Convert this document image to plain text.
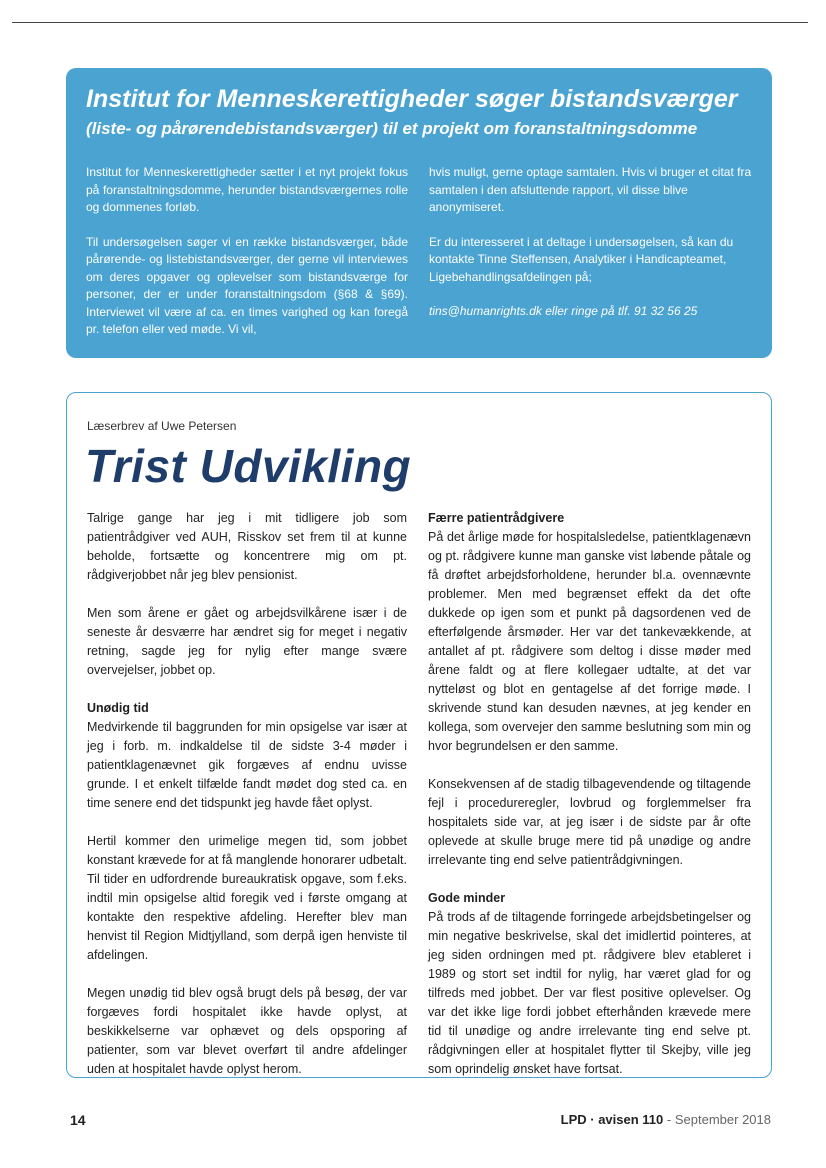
Institut for Menneskerettigheder søger bistandsværger
(liste- og pårørendebistandsværger) til et projekt om foranstaltningsdomme

Institut for Menneskerettigheder sætter i et nyt projekt fokus på foranstaltningsdomme, herunder bistandsværgernes rolle og dommenes forløb.

Til undersøgelsen søger vi en række bistandsværger, både pårørende- og listebistandsværger, der gerne vil interviewes om deres opgaver og oplevelser som bistandsværge for personer, der er under foranstaltningsdom (§68 & §69). Interviewet vil være af ca. en times varighed og kan foregå pr. telefon eller ved møde. Vi vil,

hvis muligt, gerne optage samtalen. Hvis vi bruger et citat fra samtalen i den afsluttende rapport, vil disse blive anonymiseret.

Er du interesseret i at deltage i undersøgelsen, så kan du kontakte Tinne Steffensen, Analytiker i Handicapteamet, Ligebehandlingsafdelingen på;

tins@humanrights.dk eller ringe på tlf. 91 32 56 25

Læserbrev af Uwe Petersen
Trist Udvikling

Talrige gange har jeg i mit tidligere job som patientrådgiver ved AUH, Risskov set frem til at kunne beholde, fortsætte og koncentrere mig om pt. rådgiverjobbet når jeg blev pensionist.

Men som årene er gået og arbejdsvilkårene især i de seneste år desværre har ændret sig for meget i negativ retning, sagde jeg for nylig efter mange svære overvejelser, jobbet op.

Unødig tid

Medvirkende til baggrunden for min opsigelse var især at jeg i forb. m. indkaldelse til de sidste 3-4 møder i patientklagenævnet gik forgæves af endnu uvisse grunde. I et enkelt tilfælde fandt mødet dog sted ca. en time senere end det tidspunkt jeg havde fået oplyst.

Hertil kommer den urimelige megen tid, som jobbet konstant krævede for at få manglende honorarer udbetalt. Til tider en udfordrende bureaukratisk opgave, som f.eks. indtil min opsigelse altid foregik ved i første omgang at kontakte den respektive afdeling. Herefter blev man henvist til Region Midtjylland, som derpå igen henviste til afdelingen.

Megen unødig tid blev også brugt dels på besøg, der var forgæves fordi hospitalet ikke havde oplyst, at beskikkelserne var ophævet og dels opsporing af patienter, som var blevet overført til andre afdelinger uden at hospitalet havde oplyst herom.

Færre patientrådgivere

På det årlige møde for hospitalsledelse, patientklagenævn og pt. rådgivere kunne man ganske vist løbende påtale og få drøftet arbejdsforholdene, herunder bl.a. ovennævnte problemer. Men med begrænset effekt da det ofte dukkede op igen som et punkt på dagsordenen ved de efterfølgende årsmøder. Her var det tankevækkende, at antallet af pt. rådgivere som deltog i disse møder med årene faldt og at flere kollegaer udtalte, at det var nytteløst og blot en gentagelse af det forrige møde. I skrivende stund kan desuden nævnes, at jeg kender en kollega, som overvejer den samme beslutning som min og hvor begrundelsen er den samme.

Konsekvensen af de stadig tilbagevendende og tiltagende fejl i procedureregler, lovbrud og forglemmelser fra hospitalets side var, at jeg især i de sidste par år ofte oplevede at skulle bruge mere tid på unødige og andre irrelevante ting end selve patientrådgivningen.

Gode minder

På trods af de tiltagende forringede arbejdsbetingelser og min negative beskrivelse, skal det imidlertid pointeres, at jeg siden ordningen med pt. rådgivere blev etableret i 1989 og stort set indtil for nylig, har været glad for og tilfreds med jobbet. Der var flest positive oplevelser. Og var det ikke lige fordi jobbet efterhånden krævede mere tid til unødige og andre irrelevante ting end selve pt. rådgivningen eller at hospitalet flytter til Skejby, ville jeg som oprindelig ønsket have fortsat.

14	LPD · avisen 110 - September 2018
